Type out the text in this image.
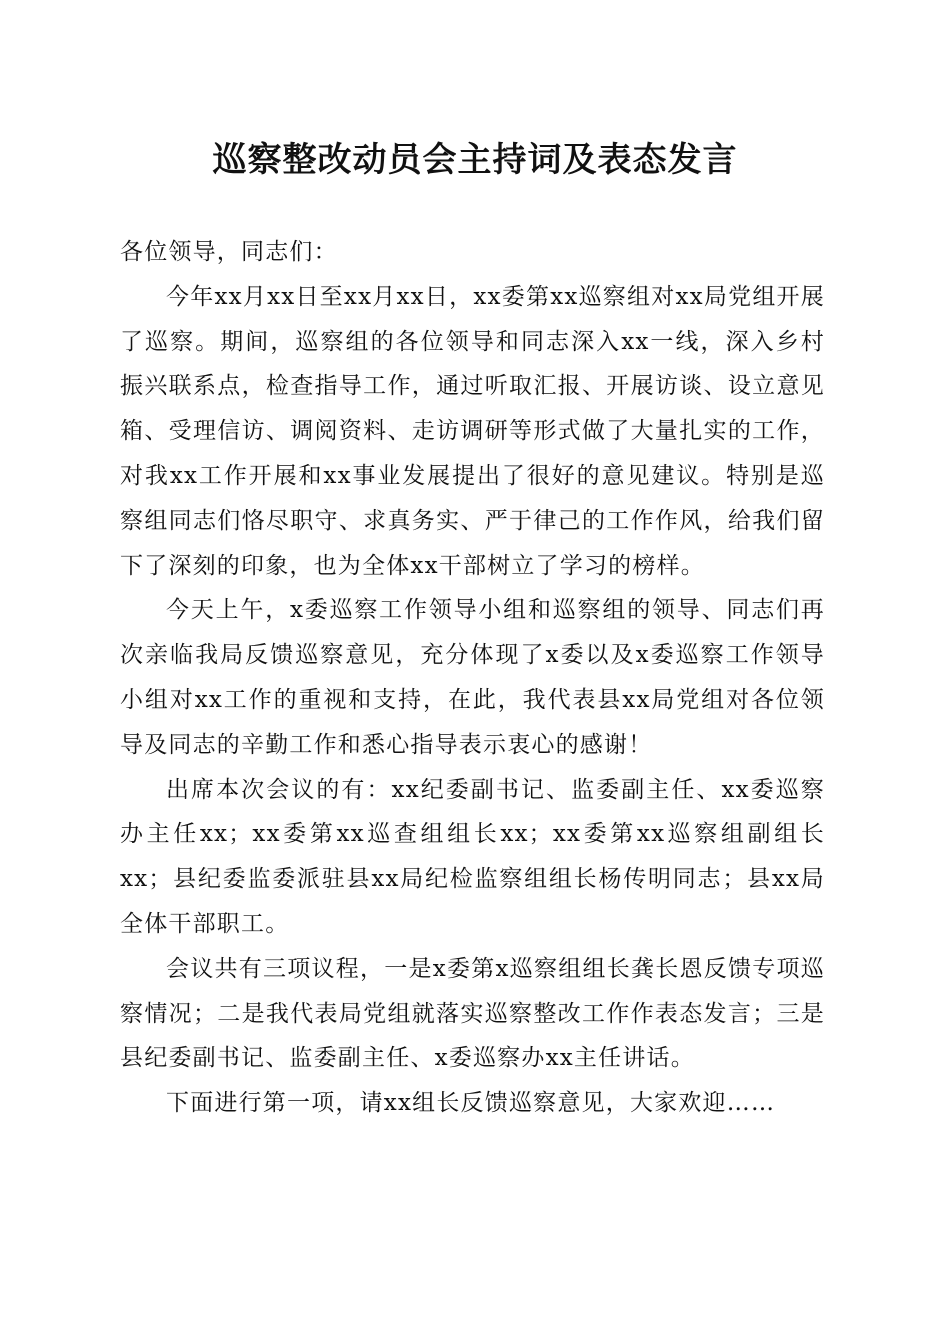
巡察整改动员会主持词及表态发言

各位领导，同志们：

今年xx月xx日至xx月xx日，xx委第xx巡察组对xx局党组开展了巡察。期间，巡察组的各位领导和同志深入xx一线，深入乡村振兴联系点，检查指导工作，通过听取汇报、开展访谈、设立意见箱、受理信访、调阅资料、走访调研等形式做了大量扎实的工作，对我xx工作开展和xx事业发展提出了很好的意见建议。特别是巡察组同志们恪尽职守、求真务实、严于律己的工作作风，给我们留下了深刻的印象，也为全体xx干部树立了学习的榜样。

今天上午，x委巡察工作领导小组和巡察组的领导、同志们再次亲临我局反馈巡察意见，充分体现了x委以及x委巡察工作领导小组对xx工作的重视和支持，在此，我代表县xx局党组对各位领导及同志的辛勤工作和悉心指导表示衷心的感谢！

出席本次会议的有：xx纪委副书记、监委副主任、xx委巡察办主任xx；xx委第xx巡查组组长xx；xx委第xx巡察组副组长xx；县纪委监委派驻县xx局纪检监察组组长杨传明同志；县xx局全体干部职工。

会议共有三项议程，一是x委第x巡察组组长龚长恩反馈专项巡察情况；二是我代表局党组就落实巡察整改工作作表态发言；三是县纪委副书记、监委副主任、x委巡察办xx主任讲话。

下面进行第一项，请xx组长反馈巡察意见，大家欢迎……
